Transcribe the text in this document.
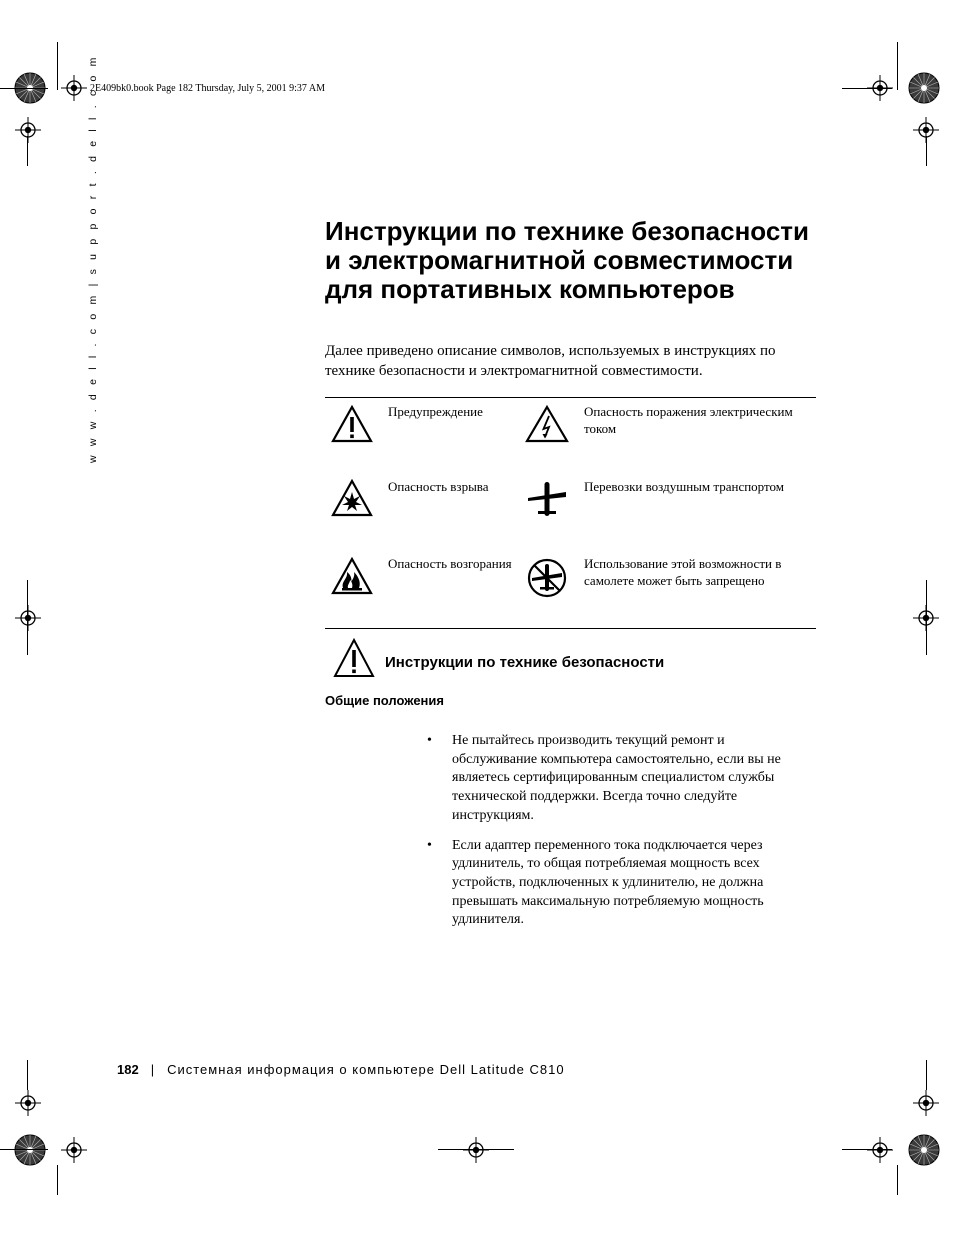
2E409bk0.book Page 182 Thursday, July 5, 2001 9:37 AM
w w w . d e l l . c o m | s u p p o r t . d e l l . c o m	Инструкции по технике безопасности и электромагнитной совместимости для портативных компьютеров
Далее приведено описание символов, используемых в инструкциях по технике безопасности и электромагнитной совместимости.
Предупреждение	Опасность поражения электрическим током
Опасность взрыва	Перевозки воздушным транспортом
Опасность возгорания	Использование этой возможности в самолете может быть запрещено
Инструкции по технике безопасности
Общие положения
• Не пытайтесь производить текущий ремонт и обслуживание компьютера самостоятельно, если вы не являетесь сертифицированным специалистом службы технической поддержки. Всегда точно следуйте инструкциям.
• Если адаптер переменного тока подключается через удлинитель, то общая потребляемая мощность всех устройств, подключенных к удлинителю, не должна превышать максимальную потребляемую мощность удлинителя.
182 | Системная информация о компьютере Dell Latitude C810
